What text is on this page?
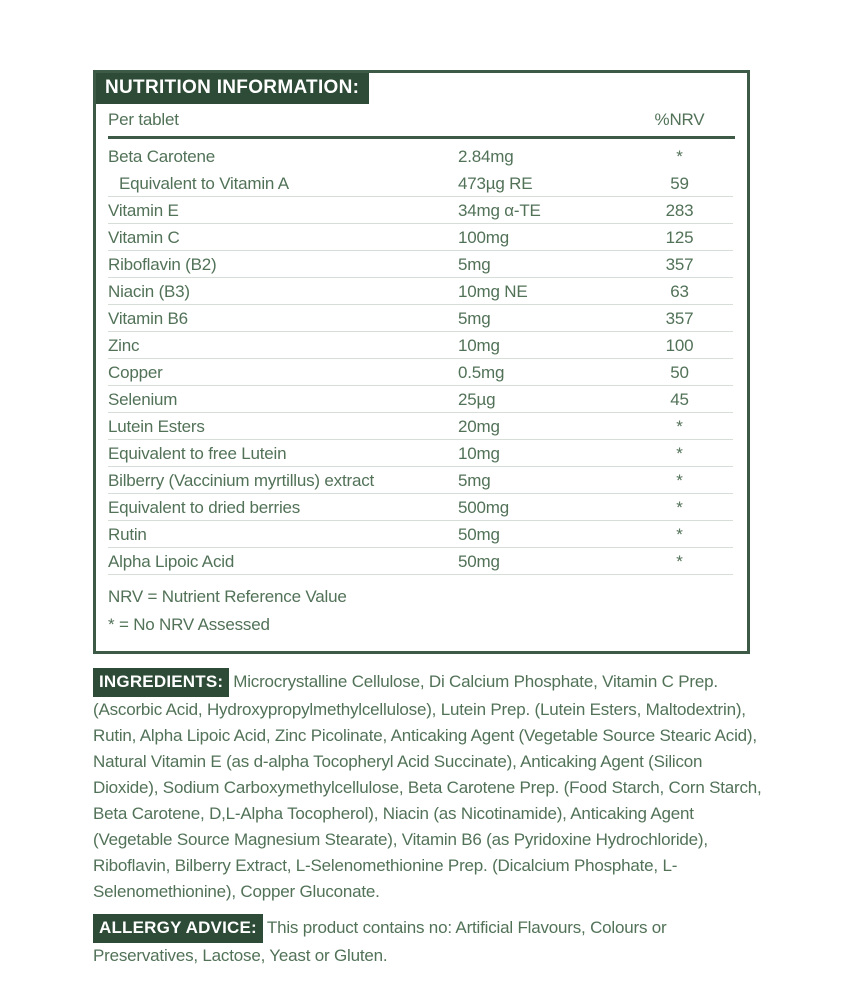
NUTRITION INFORMATION:
Per tablet	%NRV
Beta Carotene	2.84mg	*
Equivalent to Vitamin A	473µg RE	59
Vitamin E	34mg α-TE	283
Vitamin C	100mg	125
Riboflavin (B2)	5mg	357
Niacin (B3)	10mg NE	63
Vitamin B6	5mg	357
Zinc	10mg	100
Copper	0.5mg	50
Selenium	25µg	45
Lutein Esters	20mg	*
Equivalent to free Lutein	10mg	*
Bilberry (Vaccinium myrtillus) extract	5mg	*
Equivalent to dried berries	500mg	*
Rutin	50mg	*
Alpha Lipoic Acid	50mg	*
NRV = Nutrient Reference Value
* = No NRV Assessed

INGREDIENTS: Microcrystalline Cellulose, Di Calcium Phosphate, Vitamin C Prep. (Ascorbic Acid, Hydroxypropylmethylcellulose), Lutein Prep. (Lutein Esters, Maltodextrin), Rutin, Alpha Lipoic Acid, Zinc Picolinate, Anticaking Agent (Vegetable Source Stearic Acid), Natural Vitamin E (as d-alpha Tocopheryl Acid Succinate), Anticaking Agent (Silicon Dioxide), Sodium Carboxymethylcellulose, Beta Carotene Prep. (Food Starch, Corn Starch, Beta Carotene, D,L-Alpha Tocopherol), Niacin (as Nicotinamide), Anticaking Agent (Vegetable Source Magnesium Stearate), Vitamin B6 (as Pyridoxine Hydrochloride), Riboflavin, Bilberry Extract, L-Selenomethionine Prep. (Dicalcium Phosphate, L-Selenomethionine), Copper Gluconate.

ALLERGY ADVICE: This product contains no: Artificial Flavours, Colours or Preservatives, Lactose, Yeast or Gluten.
